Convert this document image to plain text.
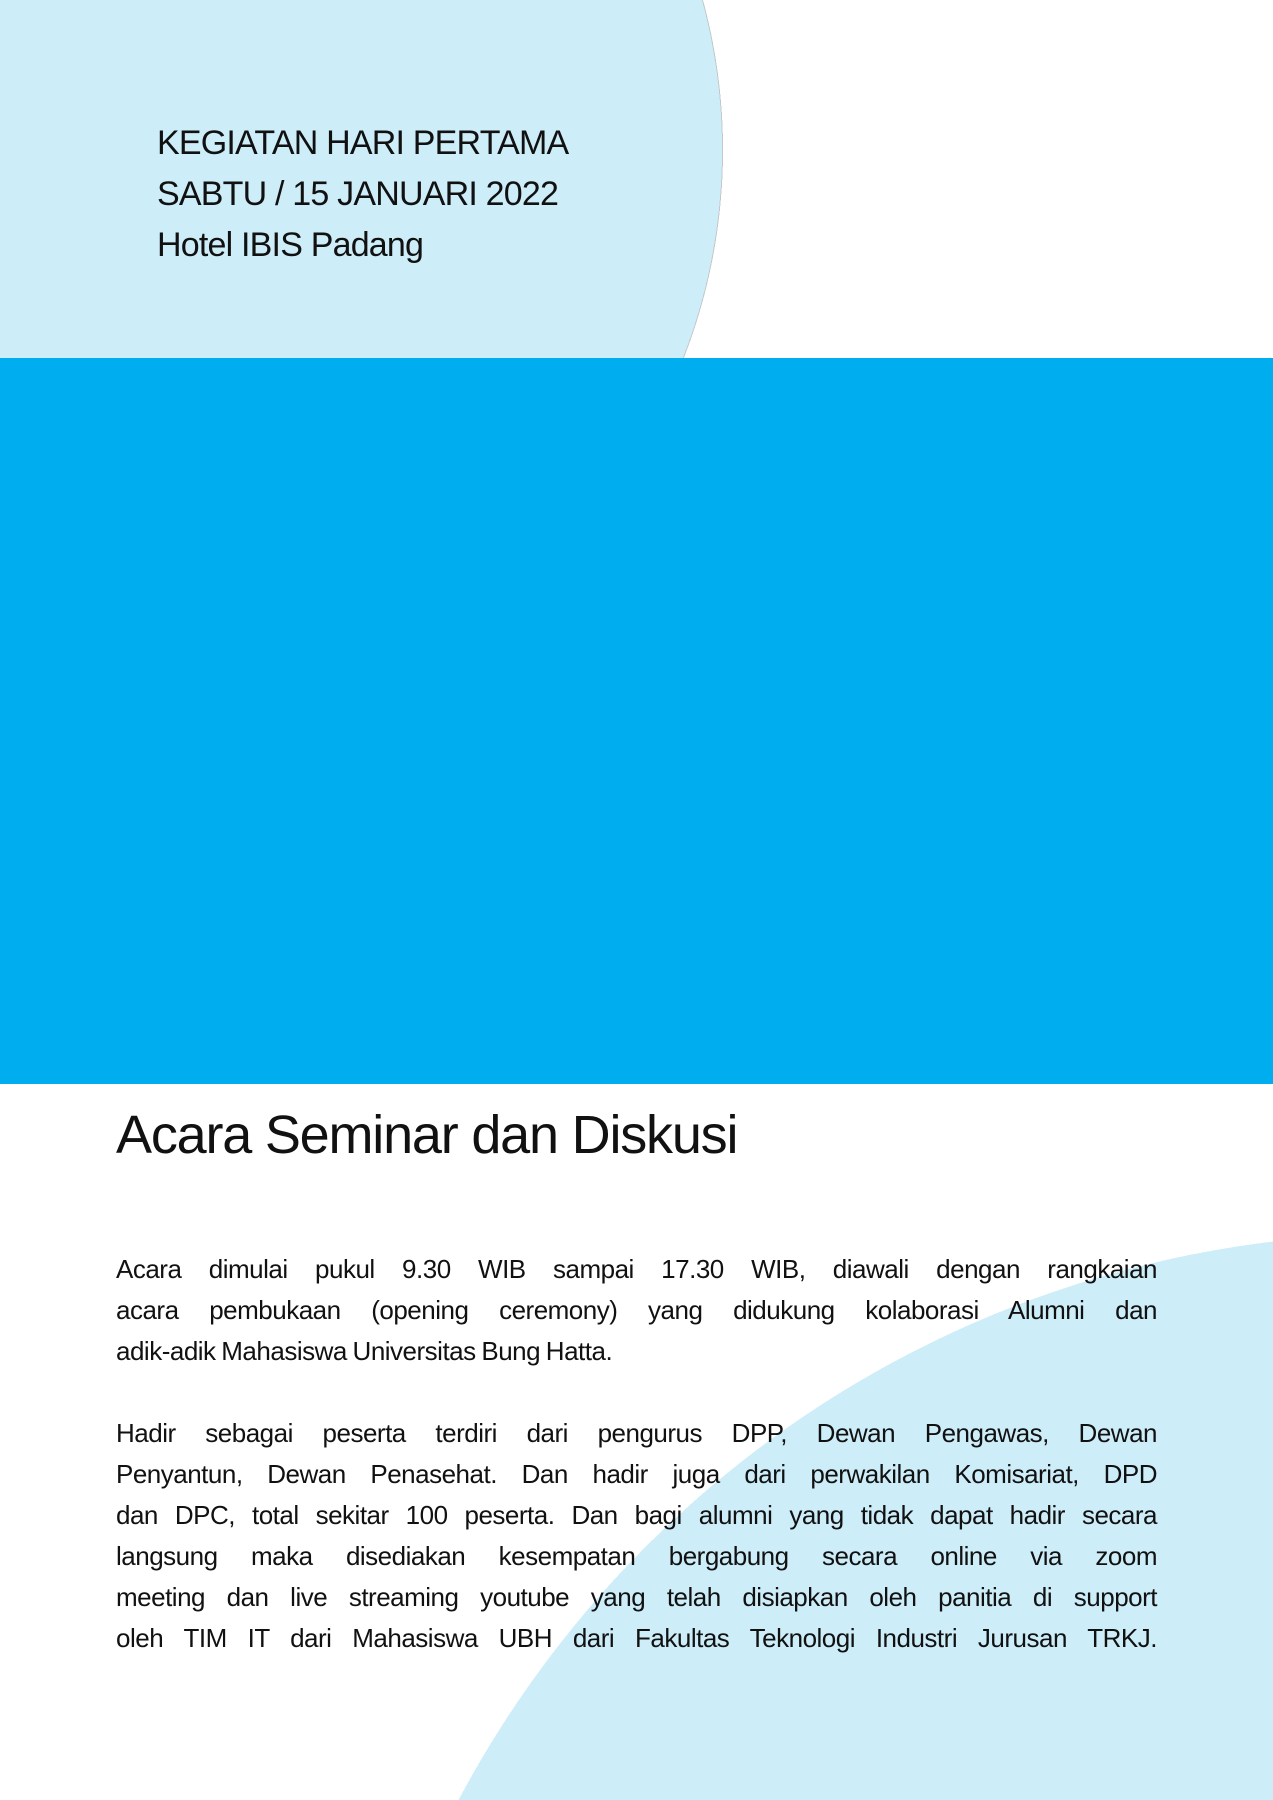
KEGIATAN HARI PERTAMA
SABTU / 15 JANUARI 2022
Hotel IBIS Padang
Acara Seminar dan Diskusi
Acara dimulai pukul 9.30 WIB sampai 17.30 WIB, diawali dengan rangkaian
acara pembukaan (opening ceremony) yang didukung kolaborasi Alumni dan
adik-adik Mahasiswa Universitas Bung Hatta.
Hadir sebagai peserta terdiri dari pengurus DPP, Dewan Pengawas, Dewan
Penyantun, Dewan Penasehat. Dan hadir juga dari perwakilan Komisariat, DPD
dan DPC, total sekitar 100 peserta. Dan bagi alumni yang tidak dapat hadir secara
langsung maka disediakan kesempatan bergabung secara online via zoom
meeting dan live streaming youtube yang telah disiapkan oleh panitia di support
oleh TIM IT dari Mahasiswa UBH dari Fakultas Teknologi Industri Jurusan TRKJ.
